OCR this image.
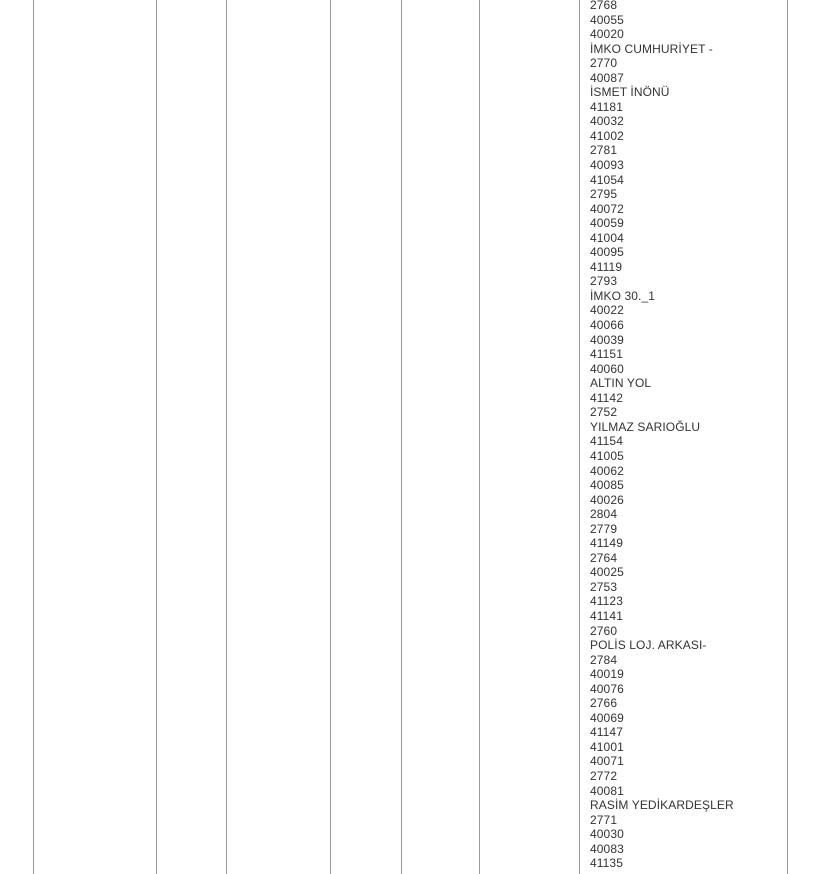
2768
40055
40020
İMKO CUMHURİYET -
2770
40087
İSMET İNÖNÜ
41181
40032
41002
2781
40093
41054
2795
40072
40059
41004
40095
41119
2793
İMKO 30._1
40022
40066
40039
41151
40060
ALTIN YOL
41142
2752
YILMAZ SARIOĞLU
41154
41005
40062
40085
40026
2804
2779
41149
2764
40025
2753
41123
41141
2760
POLİS LOJ. ARKASI-
2784
40019
40076
2766
40069
41147
41001
40071
2772
40081
RASİM YEDİKARDEŞLER
2771
40030
40083
41135
